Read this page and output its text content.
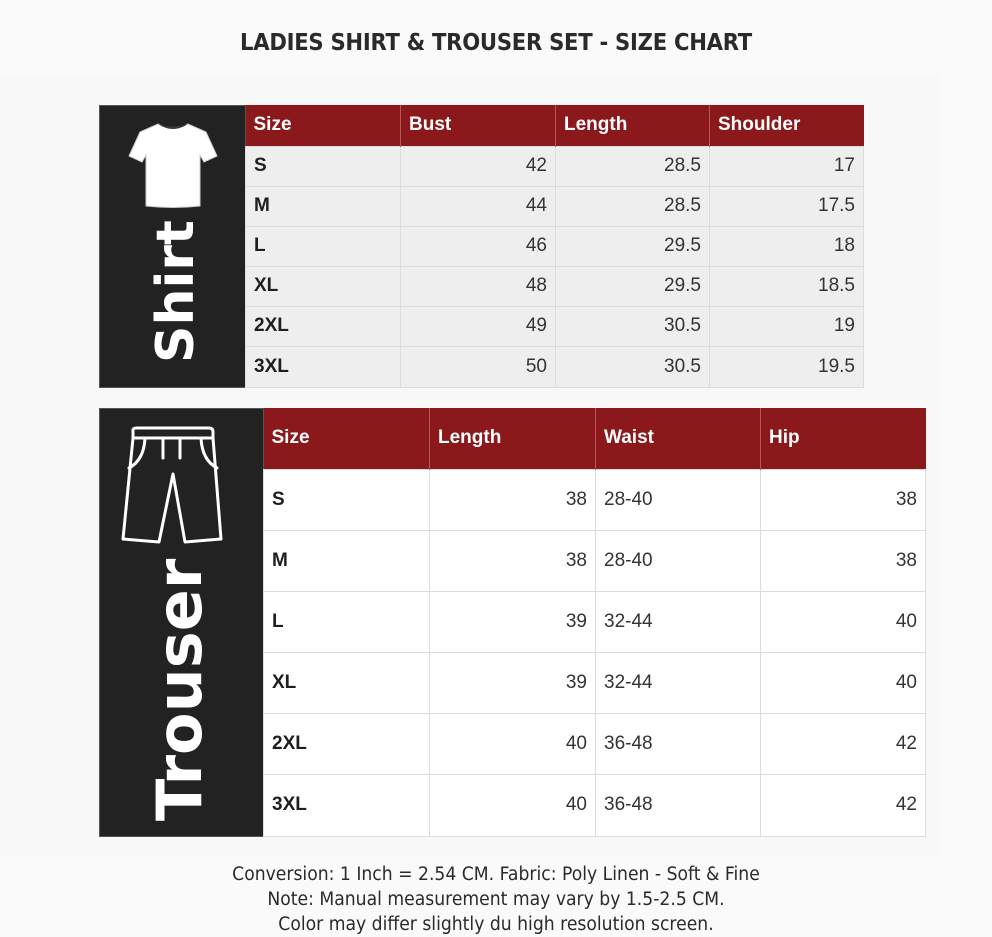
LADIES SHIRT & TROUSER SET - SIZE CHART
Shirt
Size	Bust	Length	Shoulder
S	42	28.5	17
M	44	28.5	17.5
L	46	29.5	18
XL	48	29.5	18.5
2XL	49	30.5	19
3XL	50	30.5	19.5
Trouser
Size	Length	Waist	Hip
S	38	28-40	38
M	38	28-40	38
L	39	32-44	40
XL	39	32-44	40
2XL	40	36-48	42
3XL	40	36-48	42
Conversion: 1 Inch = 2.54 CM. Fabric: Poly Linen - Soft & Fine
Note: Manual measurement may vary by 1.5-2.5 CM.
Color may differ slightly du high resolution screen.
